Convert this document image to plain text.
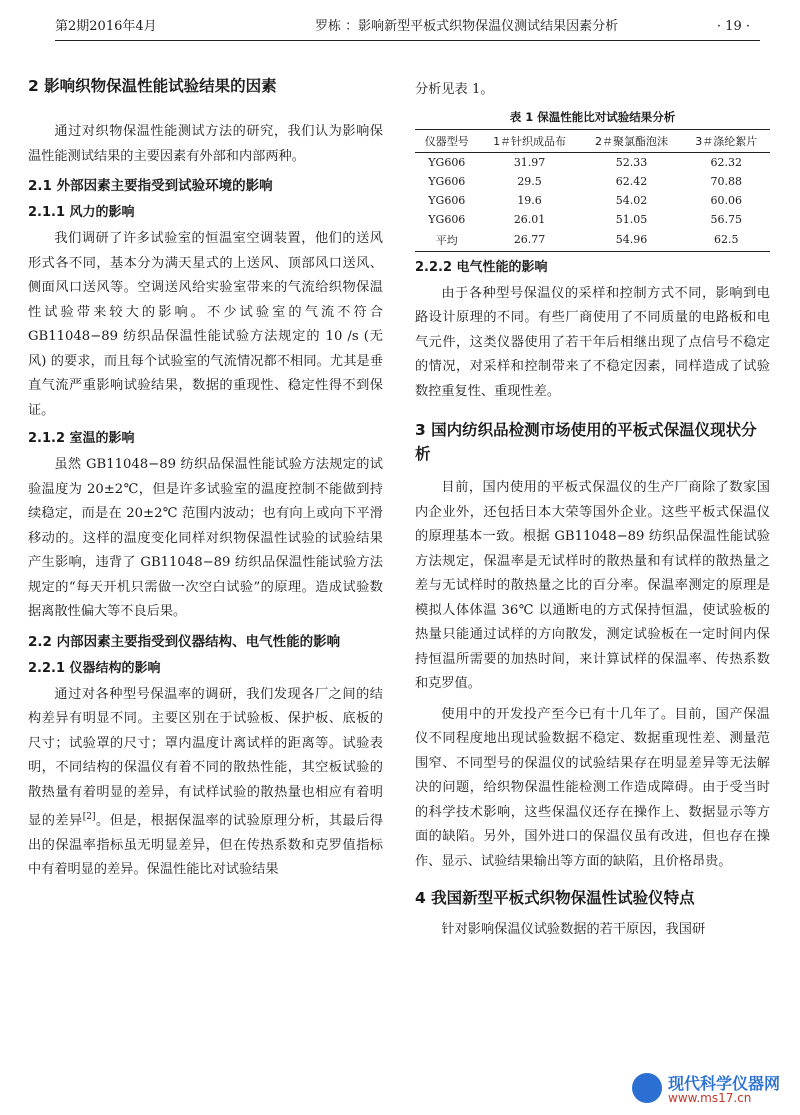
第2期2016年4月	罗栋 ：影响新型平板式织物保温仪测试结果因素分析	· 19 ·
2 影响织物保温性能试验结果的因素

通过对织物保温性能测试方法的研究，我们认为影响保温性能测试结果的主要因素有外部和内部两种。

2.1 外部因素主要指受到试验环境的影响
2.1.1 风力的影响

我们调研了许多试验室的恒温室空调装置，他们的送风形式各不同，基本分为满天星式的上送风、顶部风口送风、侧面风口送风等。空调送风给实验室带来的气流给织物保温性试验带来较大的影响。不少试验室的气流不符合 GB11048−89 纺织品保温性能试验方法规定的 10 /s (无风) 的要求，而且每个试验室的气流情况都不相同。尤其是垂直气流严重影响试验结果，数据的重现性、稳定性得不到保证。

2.1.2 室温的影响

虽然 GB11048−89 纺织品保温性能试验方法规定的试验温度为 20±2℃，但是许多试验室的温度控制不能做到持续稳定，而是在 20±2℃ 范围内波动；也有向上或向下平滑移动的。这样的温度变化同样对织物保温性试验的试验结果产生影响，违背了 GB11048−89 纺织品保温性能试验方法规定的“每天开机只需做一次空白试验”的原理。造成试验数据离散性偏大等不良后果。

2.2 内部因素主要指受到仪器结构、电气性能的影响
2.2.1 仪器结构的影响

通过对各种型号保温率的调研，我们发现各厂之间的结构差异有明显不同。主要区别在于试验板、保护板、底板的尺寸；试验罩的尺寸；罩内温度计离试样的距离等。试验表明，不同结构的保温仪有着不同的散热性能，其空板试验的散热量有着明显的差异，有试样试验的散热量也相应有着明显的差异[2]。但是，根据保温率的试验原理分析，其最后得出的保温率指标虽无明显差异，但在传热系数和克罗值指标中有着明显的差异。保温性能比对试验结果

分析见表 1。

表 1 保温性能比对试验结果分析
仪器型号	1＃针织成品布	2＃聚氯酯泡沫	3＃涤纶絮片
YG606	31.97	52.33	62.32
YG606	29.5	62.42	70.88
YG606	19.6	54.02	60.06
YG606	26.01	51.05	56.75
平均	26.77	54.96	62.5
2.2.2 电气性能的影响

由于各种型号保温仪的采样和控制方式不同，影响到电路设计原理的不同。有些厂商使用了不同质量的电路板和电气元件，这类仪器使用了若干年后相继出现了点信号不稳定的情况，对采样和控制带来了不稳定因素，同样造成了试验数控重复性、重现性差。

3 国内纺织品检测市场使用的平板式保温仪现状分析

目前，国内使用的平板式保温仪的生产厂商除了数家国内企业外，还包括日本大荣等国外企业。这些平板式保温仪的原理基本一致。根据 GB11048−89 纺织品保温性能试验方法规定，保温率是无试样时的散热量和有试样的散热量之差与无试样时的散热量之比的百分率。保温率测定的原理是模拟人体体温 36℃ 以通断电的方式保持恒温，使试验板的热量只能通过试样的方向散发，测定试验板在一定时间内保持恒温所需要的加热时间，来计算试样的保温率、传热系数和克罗值。

使用中的开发投产至今已有十几年了。目前，国产保温仪不同程度地出现试验数据不稳定、数据重现性差、测量范围窄、不同型号的保温仪的试验结果存在明显差异等无法解决的问题，给织物保温性能检测工作造成障碍。由于受当时的科学技术影响，这些保温仪还存在操作上、数据显示等方面的缺陷。另外，国外进口的保温仪虽有改进，但也存在操作、显示、试验结果输出等方面的缺陷，且价格昂贵。

4 我国新型平板式织物保温性试验仪特点

针对影响保温仪试验数据的若干原因，我国研

现代科学仪器网
www.ms17.cn
